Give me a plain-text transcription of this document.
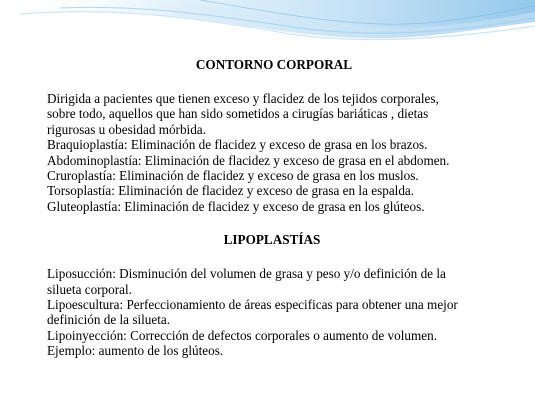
CONTORNO CORPORAL

Dirigida a pacientes que tienen exceso y flacidez de los tejidos corporales,
sobre todo, aquellos que han sido sometidos a cirugías bariáticas , dietas
rigurosas u obesidad mórbida.

Braquioplastía: Eliminación de flacidez y exceso de grasa en los brazos.
Abdominoplastía: Eliminación de flacidez y exceso de grasa en el abdomen.
Cruroplastía: Eliminación de flacidez y exceso de grasa en los muslos.
Torsoplastía: Eliminación de flacidez y exceso de grasa en la espalda.
Gluteoplastía: Eliminación de flacidez y exceso de grasa en los glúteos.

LIPOPLASTÍAS

Liposucción: Disminución del volumen de grasa y peso y/o definición de la
silueta corporal.
Lipoescultura: Perfeccionamiento de áreas especificas para obtener una mejor
definición de la silueta.
Lipoinyección: Corrección de defectos corporales o aumento de volumen.
Ejemplo: aumento de los glúteos.
